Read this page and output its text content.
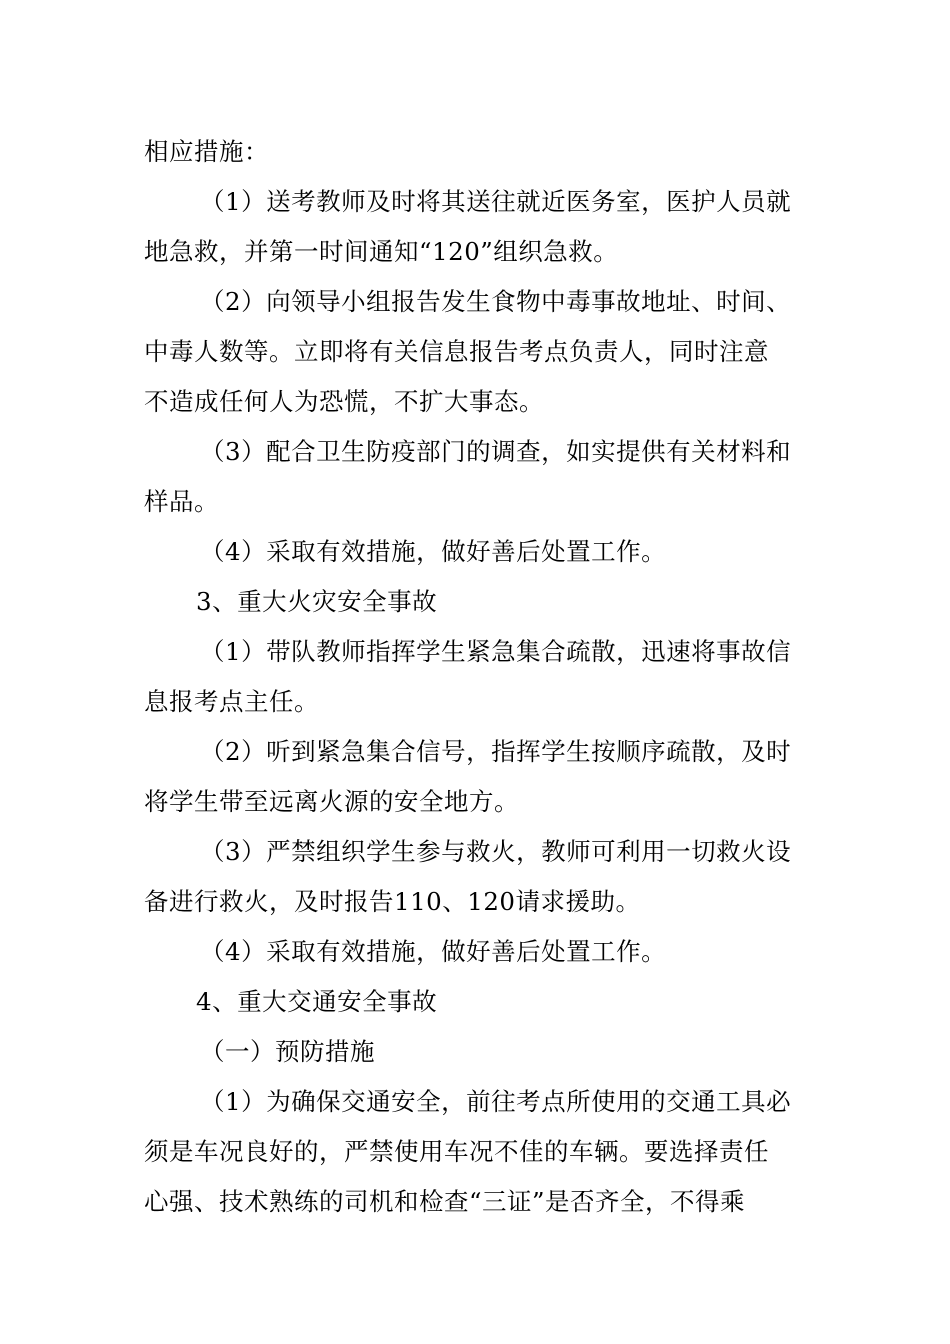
相应措施：
（1）送考教师及时将其送往就近医务室，医护人员就
地急救，并第一时间通知“120”组织急救。
（2）向领导小组报告发生食物中毒事故地址、时间、
中毒人数等。立即将有关信息报告考点负责人，同时注意
不造成任何人为恐慌，不扩大事态。
（3）配合卫生防疫部门的调查，如实提供有关材料和
样品。
（4）采取有效措施，做好善后处置工作。
3、重大火灾安全事故
（1）带队教师指挥学生紧急集合疏散，迅速将事故信
息报考点主任。
（2）听到紧急集合信号，指挥学生按顺序疏散，及时
将学生带至远离火源的安全地方。
（3）严禁组织学生参与救火，教师可利用一切救火设
备进行救火，及时报告110、120请求援助。
（4）采取有效措施，做好善后处置工作。
4、重大交通安全事故
（一）预防措施
（1）为确保交通安全，前往考点所使用的交通工具必
须是车况良好的，严禁使用车况不佳的车辆。要选择责任
心强、技术熟练的司机和检查“三证”是否齐全，不得乘
